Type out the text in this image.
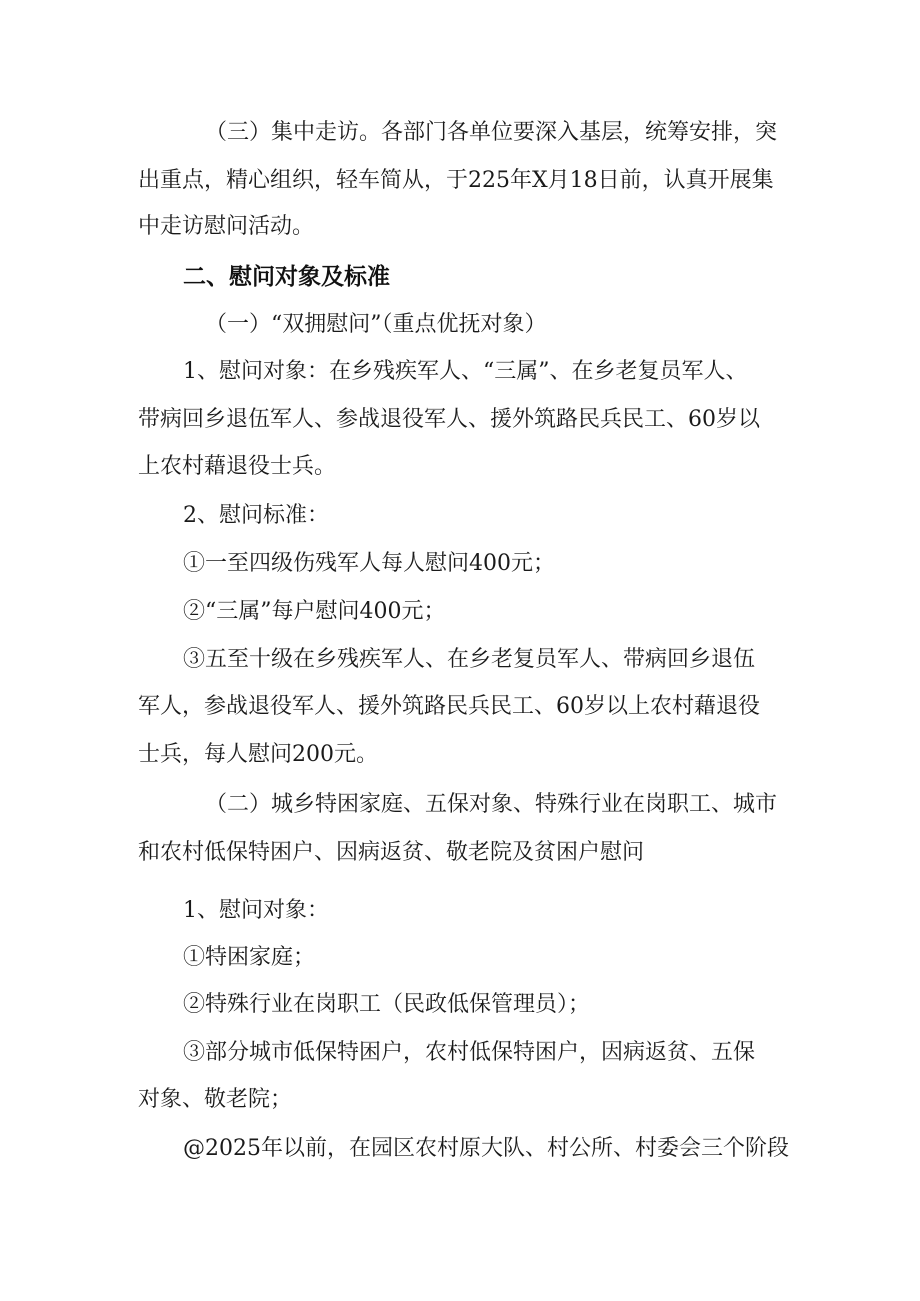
（三）集中走访。各部门各单位要深入基层，统筹安排，突
出重点，精心组织，轻车简从，于225年X月18日前，认真开展集
中走访慰问活动。
二、慰问对象及标准
（一）“双拥慰问”（重点优抚对象）
1、慰问对象：在乡残疾军人、“三属”、在乡老复员军人、
带病回乡退伍军人、参战退役军人、援外筑路民兵民工、60岁以
上农村藉退役士兵。
2、慰问标准：
①一至四级伤残军人每人慰问400元；
②“三属”每户慰问400元；
③五至十级在乡残疾军人、在乡老复员军人、带病回乡退伍
军人，参战退役军人、援外筑路民兵民工、60岁以上农村藉退役
士兵，每人慰问200元。
（二）城乡特困家庭、五保对象、特殊行业在岗职工、城市
和农村低保特困户、因病返贫、敬老院及贫困户慰问
1、慰问对象：
①特困家庭；
②特殊行业在岗职工（民政低保管理员）；
③部分城市低保特困户，农村低保特困户，因病返贫、五保
对象、敬老院；
@2025年以前，在园区农村原大队、村公所、村委会三个阶段
